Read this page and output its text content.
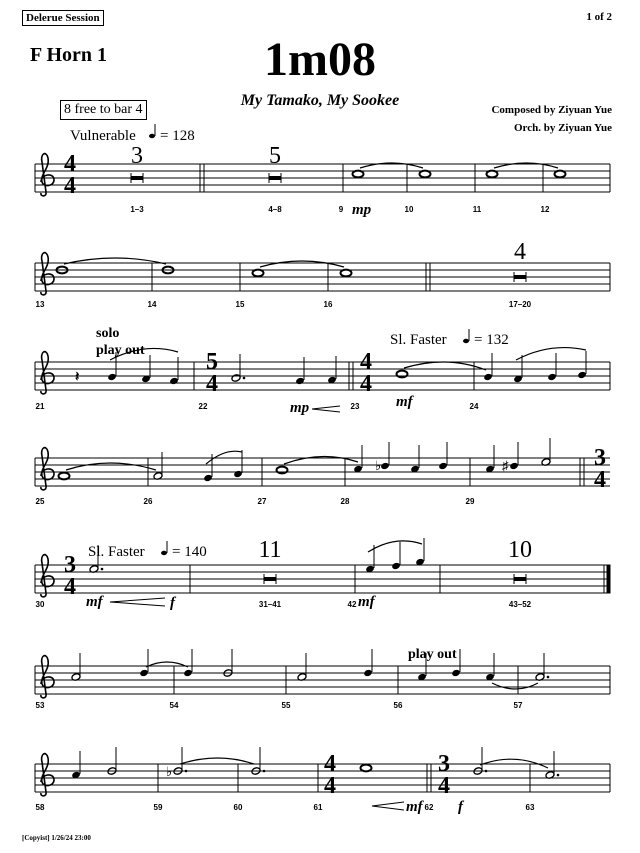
Delerue Session	1 of 2
F Horn 1	1m08
My Tamako, My Sookee
Composed by Ziyuan Yue
Orch. by Ziyuan Yue
8 free to bar 4
[Copyist] 1/26/24 23:00
4
4
Vulnerable = 128
3	5
mp
1–3	4–8	9	10	11	12
4
13	14	15	16	17–20
𝄽
solo
play out	5
4
mp
4
4
Sl. Faster = 132
mf
21	22	23	24
♭	♯	3
4
25	26	27	28	29
3
4
Sl. Faster = 140
mf	f
11
mf
10
30	31–41	42	43–52
play out
53	54	55	56	57
♭	4
4
mf
3
4
f
58	59	60	61	62	63
